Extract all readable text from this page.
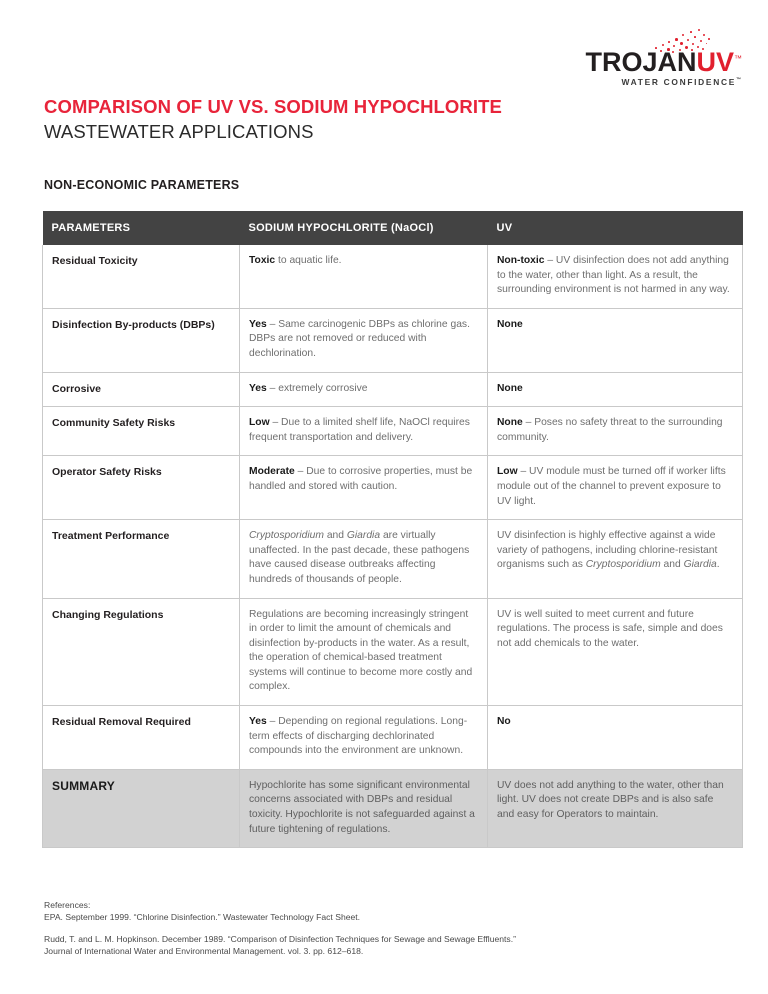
TROJANUV™
WATER CONFIDENCE™
COMPARISON OF UV VS. SODIUM HYPOCHLORITE
WASTEWATER APPLICATIONS
NON-ECONOMIC PARAMETERS
PARAMETERS	SODIUM HYPOCHLORITE (NaOCl)	UV
Residual Toxicity	Toxic to aquatic life.	Non-toxic – UV disinfection does not add anything to the water, other than light. As a result, the surrounding environment is not harmed in any way.
Disinfection By-products (DBPs)	Yes – Same carcinogenic DBPs as chlorine gas. DBPs are not removed or reduced with dechlorination.	None
Corrosive	Yes – extremely corrosive	None
Community Safety Risks	Low – Due to a limited shelf life, NaOCl requires frequent transportation and delivery.	None – Poses no safety threat to the surrounding community.
Operator Safety Risks	Moderate – Due to corrosive properties, must be handled and stored with caution.	Low – UV module must be turned off if worker lifts module out of the channel to prevent exposure to UV light.
Treatment Performance	Cryptosporidium and Giardia are virtually unaffected. In the past decade, these pathogens have caused disease outbreaks affecting hundreds of thousands of people.	UV disinfection is highly effective against a wide variety of pathogens, including chlorine-resistant organisms such as Cryptosporidium and Giardia.
Changing Regulations	Regulations are becoming increasingly stringent in order to limit the amount of chemicals and disinfection by-products in the water. As a result, the operation of chemical-based treatment systems will continue to become more costly and complex.	UV is well suited to meet current and future regulations. The process is safe, simple and does not add chemicals to the water.
Residual Removal Required	Yes – Depending on regional regulations. Long-term effects of discharging dechlorinated compounds into the environment are unknown.	No
SUMMARY	Hypochlorite has some significant environmental concerns associated with DBPs and residual toxicity. Hypochlorite is not safeguarded against a future tightening of regulations.	UV does not add anything to the water, other than light. UV does not create DBPs and is also safe and easy for Operators to maintain.
References:
EPA. September 1999. “Chlorine Disinfection.” Wastewater Technology Fact Sheet.
Rudd, T. and L. M. Hopkinson. December 1989. “Comparison of Disinfection Techniques for Sewage and Sewage Effluents.”
Journal of International Water and Environmental Management. vol. 3. pp. 612–618.
